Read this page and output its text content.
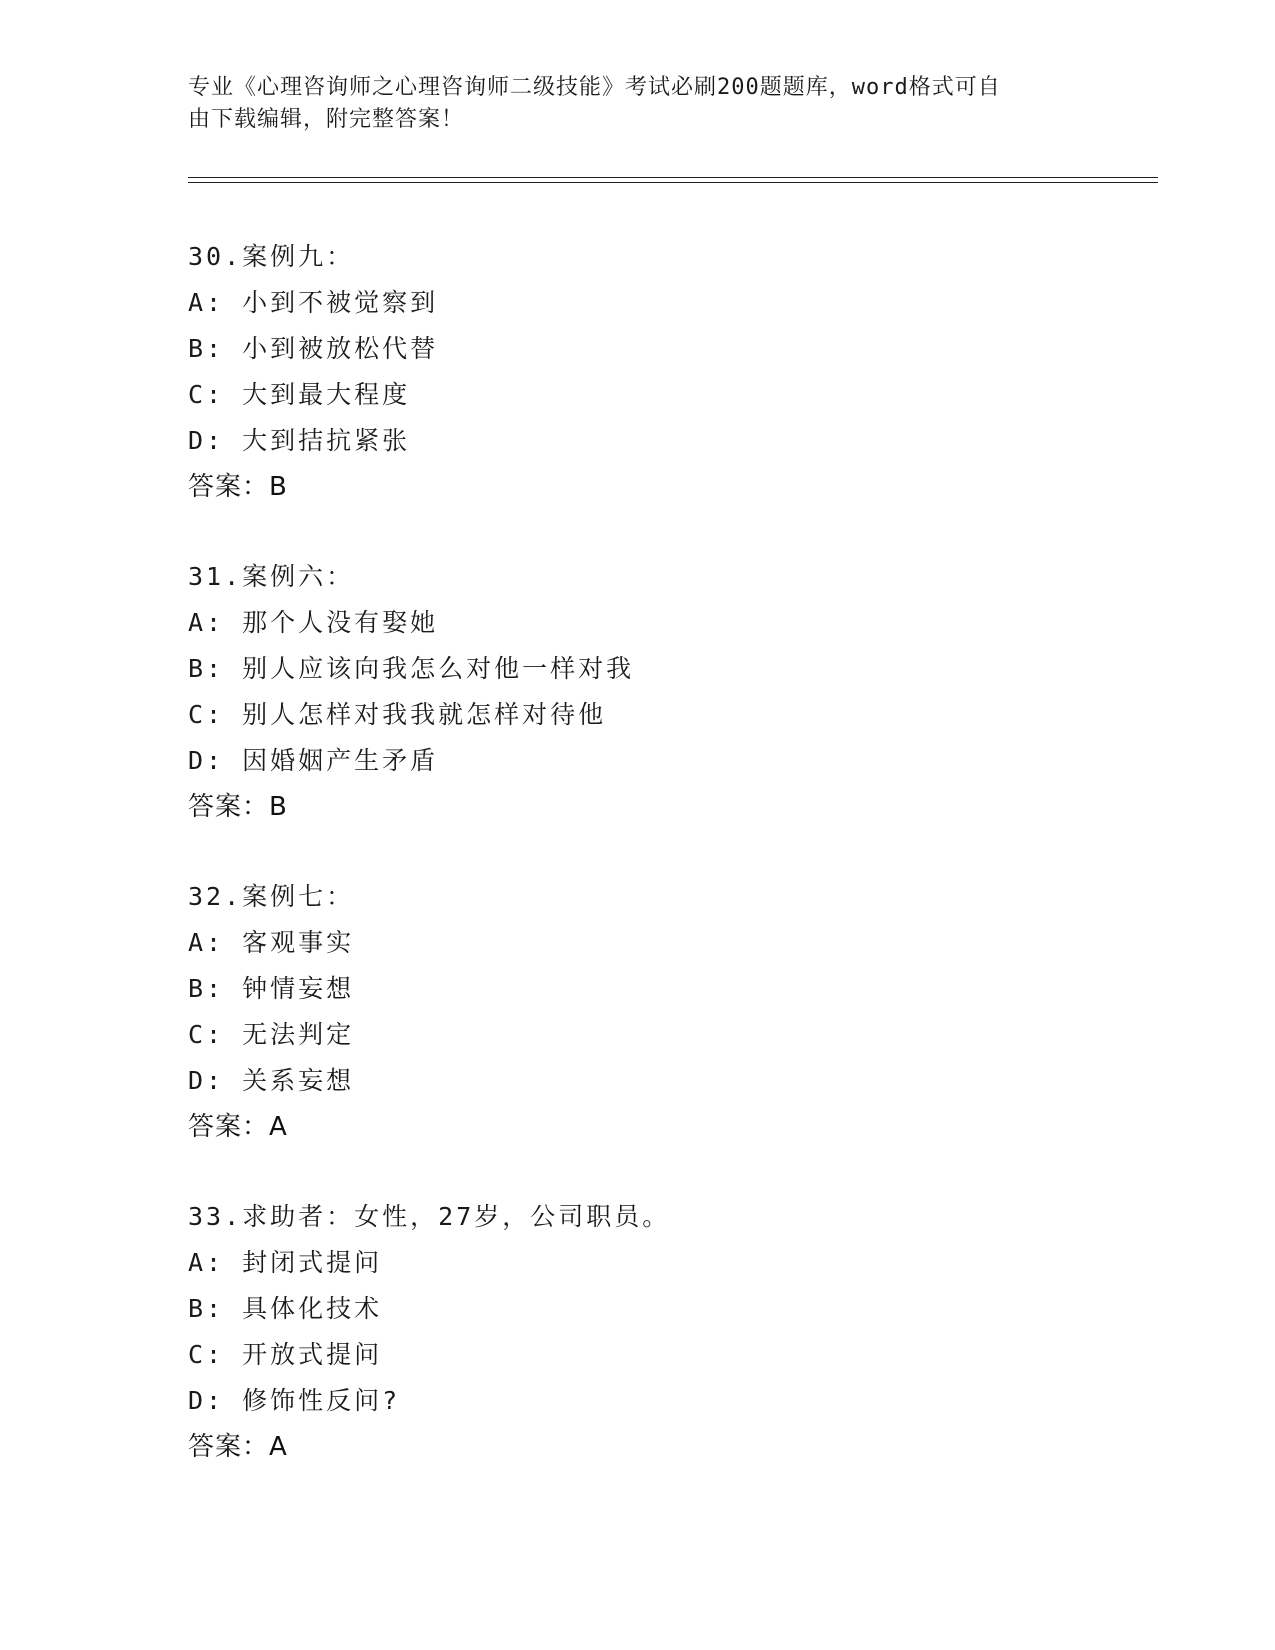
专业《心理咨询师之心理咨询师二级技能》考试必刷200题题库，word格式可自
由下载编辑，附完整答案！
30.案例九：
A: 小到不被觉察到
B: 小到被放松代替
C: 大到最大程度
D: 大到拮抗紧张
答案：B
31.案例六：
A: 那个人没有娶她
B: 别人应该向我怎么对他一样对我
C: 别人怎样对我我就怎样对待他
D: 因婚姻产生矛盾
答案：B
32.案例七：
A: 客观事实
B: 钟情妄想
C: 无法判定
D: 关系妄想
答案：A
33.求助者：女性，27岁，公司职员。
A: 封闭式提问
B: 具体化技术
C: 开放式提问
D: 修饰性反问?
答案：A
